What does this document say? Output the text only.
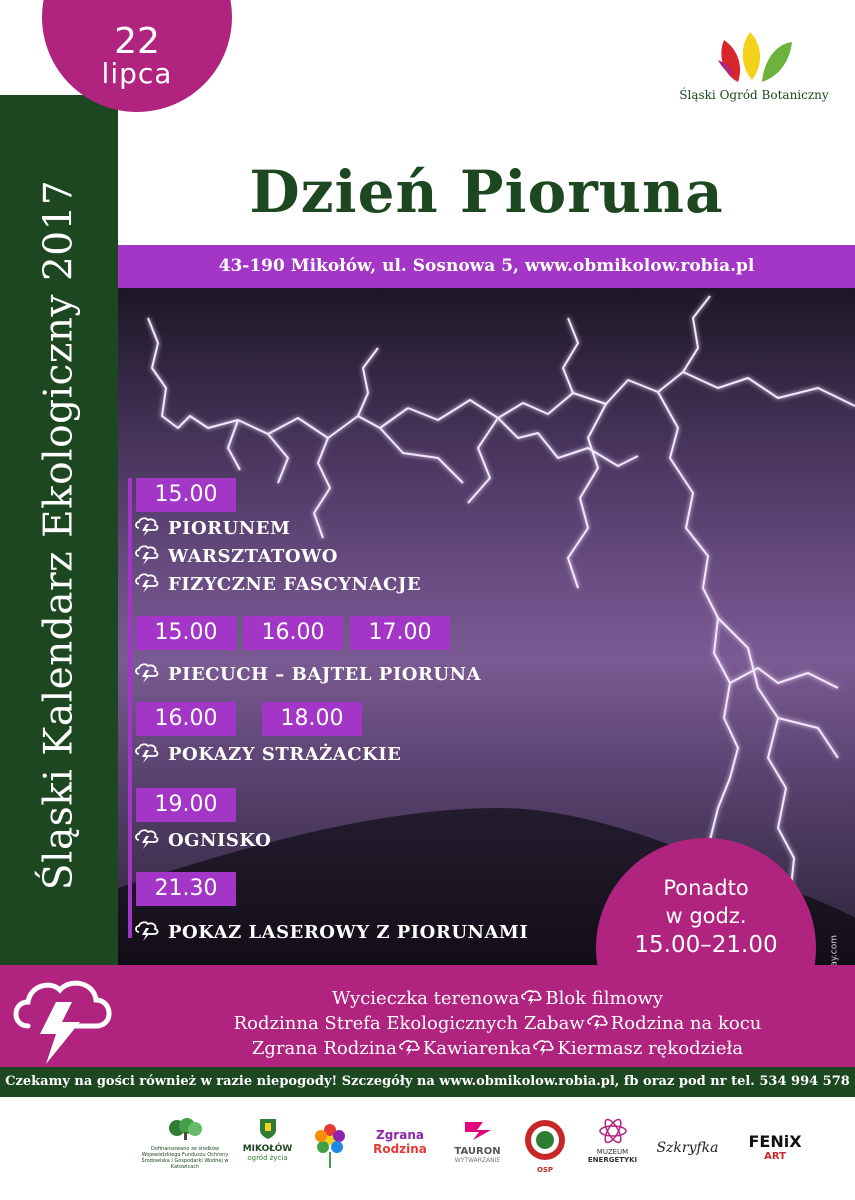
Śląski Kalendarz Ekologiczny 2017
22
lipca
Śląski Ogród Botaniczny
Dzień Pioruna
43-190 Mikołów, ul. Sosnowa 5, www.obmikolow.robia.pl
15.00
PIORUNEM
WARSZTATOWO
FIZYCZNE FASCYNACJE
15.00	16.00	17.00
PIECUCH – BAJTEL PIORUNA
16.00	18.00
POKAZY STRAŻACKIE
19.00
OGNISKO
21.30
POKAZ LASEROWY Z PIORUNAMI
Ponadto
w godz.
15.00–21.00
Wycieczka terenowa Blok filmowy
Rodzinna Strefa Ekologicznych Zabaw Rodzina na kocu
Zgrana Rodzina Kawiarenka Kiermasz rękodzieła
Czekamy na gości również w razie niepogody! Szczegóły na www.obmikolow.robia.pl, fb oraz pod nr tel. 534 994 578
Dofinansowano ze środków Wojewódzkiego Funduszu Ochrony Środowiska i Gospodarki Wodnej w Katowicach
MIKOŁÓW
ogród życia
Zgrana
Rodzina	TAURON
WYTWARZANIE
OSP
MUZEUM
ENERGETYKI
Szkryfka	FENiX
ART
